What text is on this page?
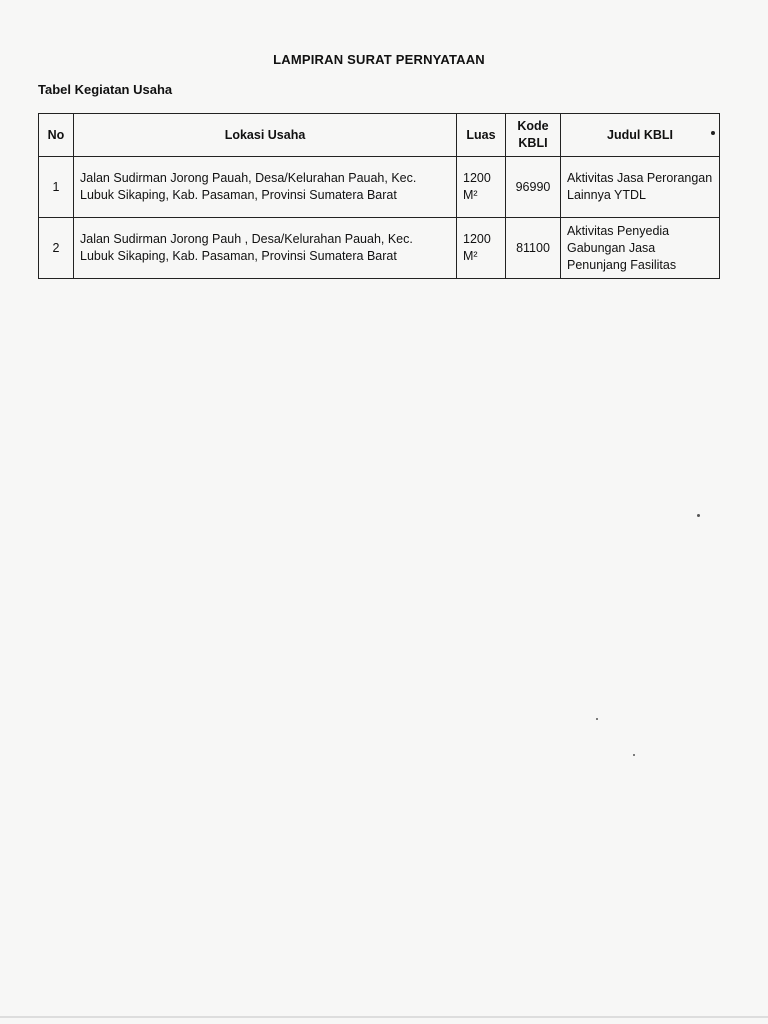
LAMPIRAN SURAT PERNYATAAN
Tabel Kegiatan Usaha
No	Lokasi Usaha	Luas	Kode KBLI	Judul KBLI

1	Jalan Sudirman Jorong Pauah, Desa/Kelurahan Pauah, Kec. Lubuk Sikaping, Kab. Pasaman, Provinsi Sumatera Barat	1200 M²	96990	Aktivitas Jasa Perorangan Lainnya YTDL
2	Jalan Sudirman Jorong Pauh , Desa/Kelurahan Pauah, Kec. Lubuk Sikaping, Kab. Pasaman, Provinsi Sumatera Barat	1200 M²	81100	Aktivitas Penyedia Gabungan Jasa Penunjang Fasilitas
